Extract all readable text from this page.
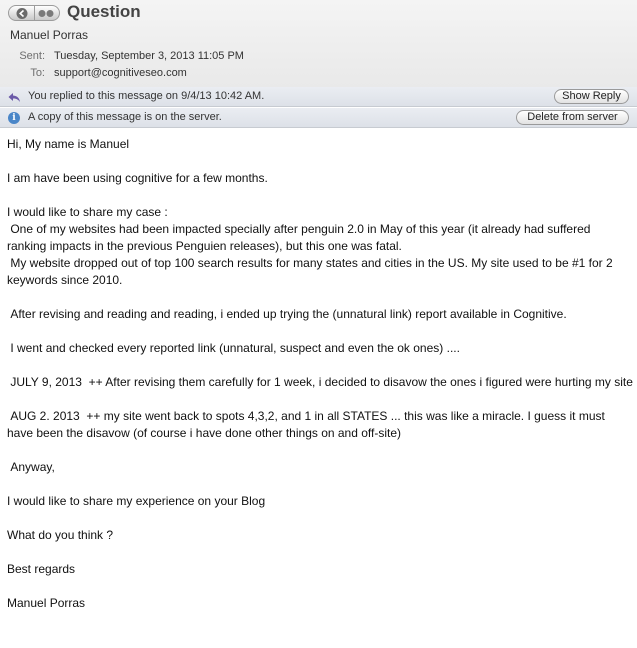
Question
Manuel Porras
Sent: Tuesday, September 3, 2013 11:05 PM
To: support@cognitiveseo.com
You replied to this message on 9/4/13 10:42 AM.	Show Reply
i	A copy of this message is on the server.	Delete from server
Hi, My name is Manuel
I am have been using cognitive for a few months.
I would like to share my case :
One of my websites had been impacted specially after penguin 2.0 in May of this year (it already had suffered ranking impacts in the previous Penguien releases), but this one was fatal.
My website dropped out of top 100 search results for many states and cities in the US. My site used to be #1 for 2 keywords since 2010.
After revising and reading and reading, i ended up trying the (unnatural link) report available in Cognitive.
I went and checked every reported link (unnatural, suspect and even the ok ones) ....
JULY 9, 2013  ++ After revising them carefully for 1 week, i decided to disavow the ones i figured were hurting my site
AUG 2. 2013  ++ my site went back to spots 4,3,2, and 1 in all STATES ... this was like a miracle. I guess it must have been the disavow (of course i have done other things on and off-site)
Anyway,
I would like to share my experience on your Blog
What do you think ?
Best regards
Manuel Porras
